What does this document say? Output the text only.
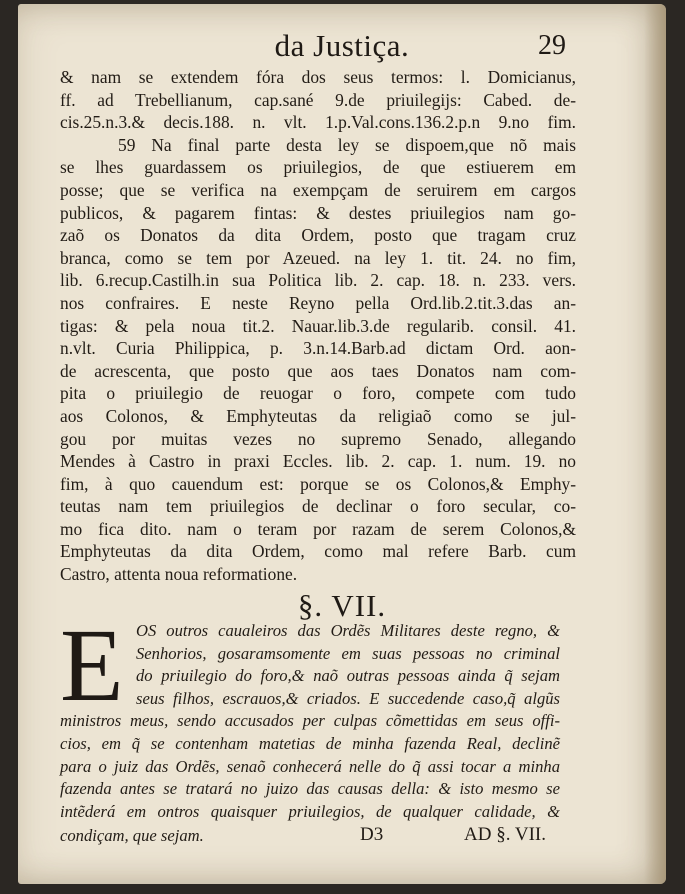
da Justiça.	29
& nam se extendem fóra dos seus termos: l. Domicianus,
ff. ad Trebellianum, cap.sané 9.de priuilegijs: Cabed. de-
cis.25.n.3.& decis.188. n. vlt. 1.p.Val.cons.136.2.p.n 9.no fim.
59 Na final parte desta ley se dispoem,que nõ mais
se lhes guardassem os priuilegios, de que estiuerem em
posse; que se verifica na exempçam de seruirem em cargos
publicos, & pagarem fintas: & destes priuilegios nam go-
zaõ os Donatos da dita Ordem, posto que tragam cruz
branca, como se tem por Azeued. na ley 1. tit. 24. no fim,
lib. 6.recup.Castilh.in sua Politica lib. 2. cap. 18. n. 233. vers.
nos confraires. E neste Reyno pella Ord.lib.2.tit.3.das an-
tigas: & pela noua tit.2. Nauar.lib.3.de regularib. consil. 41.
n.vlt. Curia Philippica, p. 3.n.14.Barb.ad dictam Ord. aon-
de acrescenta, que posto que aos taes Donatos nam com-
pita o priuilegio de reuogar o foro, compete com tudo
aos Colonos, & Emphyteutas da religiaõ como se jul-
gou por muitas vezes no supremo Senado, allegando
Mendes à Castro in praxi Eccles. lib. 2. cap. 1. num. 19. no
fim, à quo cauendum est: porque se os Colonos,& Emphy-
teutas nam tem priuilegios de declinar o foro secular, co-
mo fica dito. nam o teram por razam de serem Colonos,&
Emphyteutas da dita Ordem, como mal refere Barb. cum
Castro, attenta noua reformatione.
§. VII.
E OS outros caualeiros das Ordẽs Militares deste regno, &
Senhorios, gosaramsomente em suas pessoas no criminal
do priuilegio do foro,& naõ outras pessoas ainda q̃ sejam
seus filhos, escrauos,& criados. E succedende caso,q̃ algũs
ministros meus, sendo accusados per culpas cõmettidas em seus offi-
cios, em q̃ se contenham matetias de minha fazenda Real, declinẽ
para o juiz das Ordẽs, senaõ conhecerá nelle do q̃ assi tocar a minha
fazenda antes se tratará no juizo das causas della: & isto mesmo se
intẽderá em ontros quaisquer priuilegios, de qualquer calidade, &
condiçam, que sejam.	D3	AD §. VII.
